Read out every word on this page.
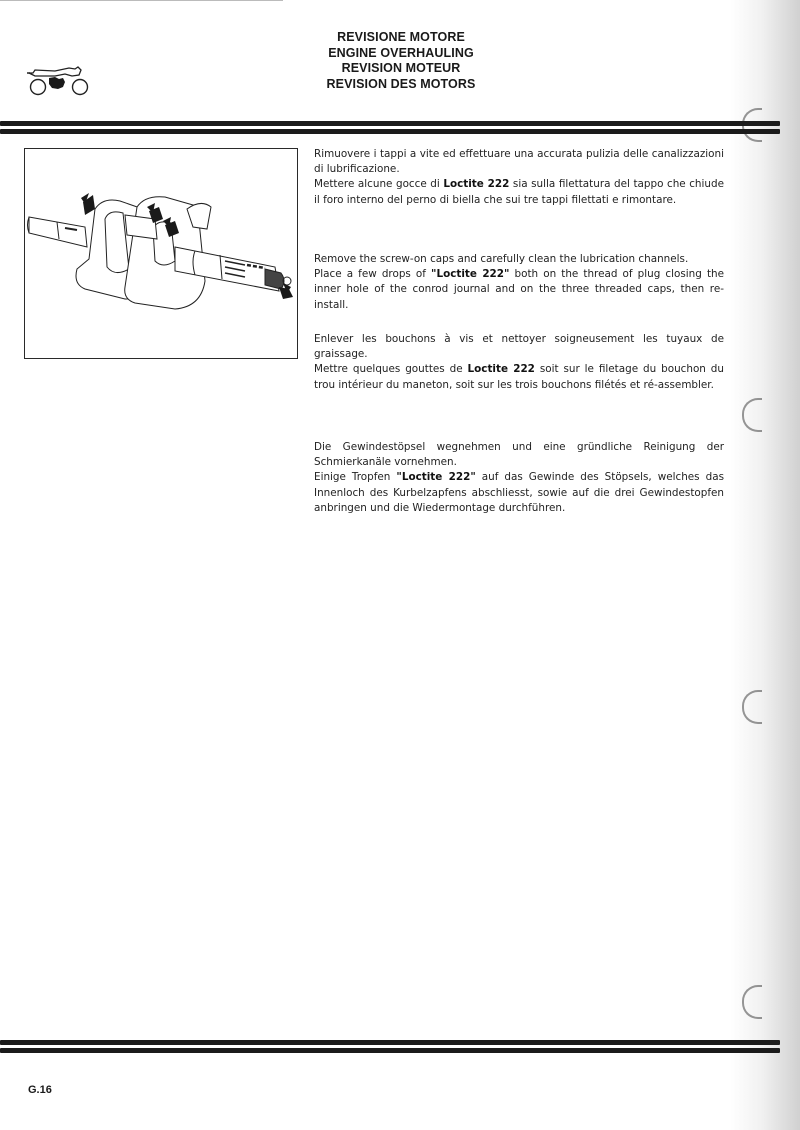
REVISIONE MOTORE
ENGINE OVERHAULING
REVISION MOTEUR
REVISION DES MOTORS

Rimuovere i tappi a vite ed effettuare una accurata pulizia delle canalizzazioni di lubrificazione.

Mettere alcune gocce di Loctite 222 sia sulla filettatura del tappo che chiude il foro interno del perno di biella che sui tre tappi filettati e rimontare.

Remove the screw-on caps and carefully clean the lubrication channels.

Place a few drops of "Loctite 222" both on the thread of plug closing the inner hole of the conrod journal and on the three threaded caps, then re-install.

Enlever les bouchons à vis et nettoyer soigneusement les tuyaux de graissage.

Mettre quelques gouttes de Loctite 222 soit sur le filetage du bouchon du trou intérieur du maneton, soit sur les trois bouchons filétés et ré-assembler.

Die Gewindestöpsel wegnehmen und eine gründliche Reinigung der Schmierkanäle vornehmen.

Einige Tropfen "Loctite 222" auf das Gewinde des Stöpsels, welches das Innenloch des Kurbelzapfens abschliesst, sowie auf die drei Gewindestopfen anbringen und die Wiedermontage durchführen.

G.16
